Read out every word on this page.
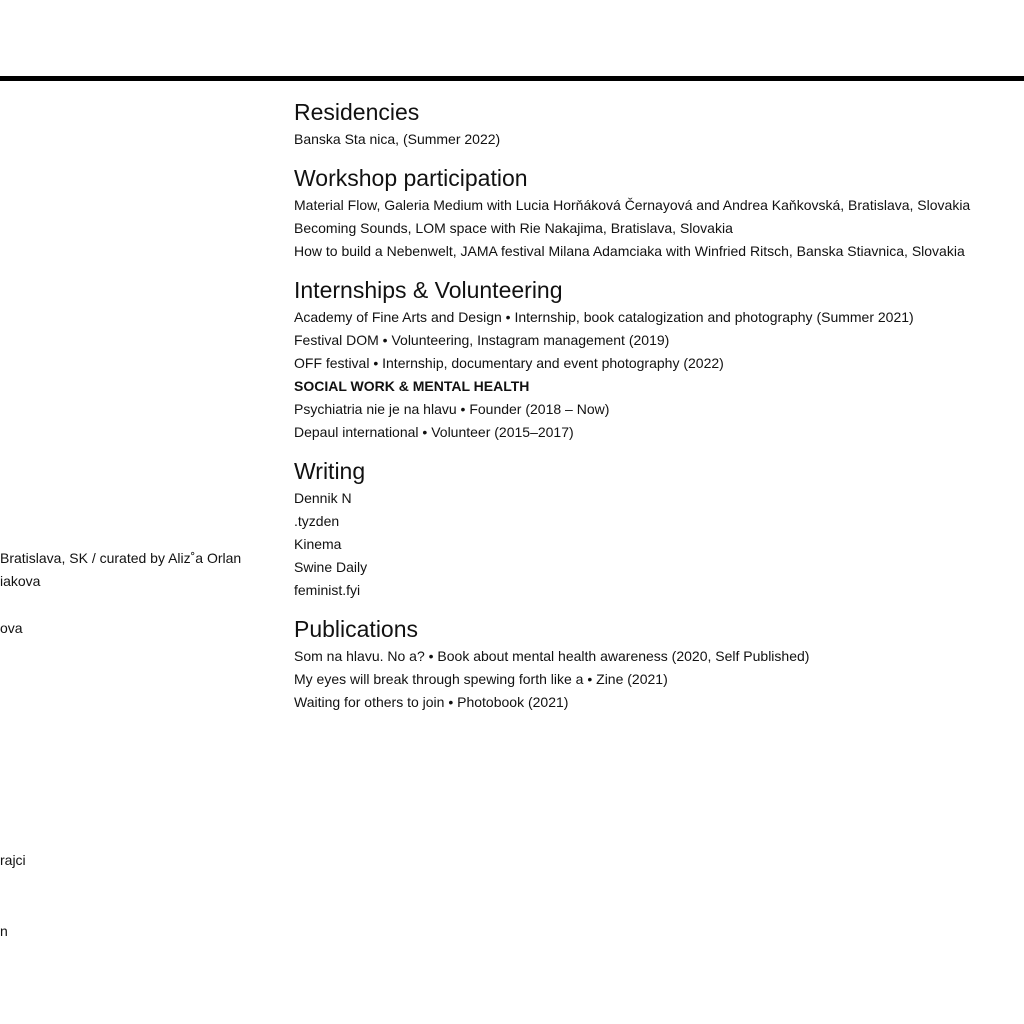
Bratislava, SK / curated by Aliz˚a Orlan
iakova
ova
rajci
n
Residencies
Banska Sta nica, (Summer 2022)
Workshop participation
Material Flow, Galeria Medium with Lucia Horňáková Černayová and Andrea Kaňkovská, Bratislava, Slovakia
Becoming Sounds, LOM space with Rie Nakajima, Bratislava, Slovakia
How to build a Nebenwelt, JAMA festival Milana Adamciaka with Winfried Ritsch, Banska Stiavnica, Slovakia
Internships & Volunteering
Academy of Fine Arts and Design • Internship, book catalogization and photography (Summer 2021)
Festival DOM • Volunteering, Instagram management (2019)
OFF festival • Internship, documentary and event photography (2022)
SOCIAL WORK & MENTAL HEALTH
Psychiatria nie je na hlavu • Founder (2018 – Now)
Depaul international • Volunteer (2015–2017)
Writing
Dennik N
.tyzden
Kinema
Swine Daily
feminist.fyi
Publications
Som na hlavu. No a? • Book about mental health awareness (2020, Self Published)
My eyes will break through spewing forth like a • Zine (2021)
Waiting for others to join • Photobook (2021)
